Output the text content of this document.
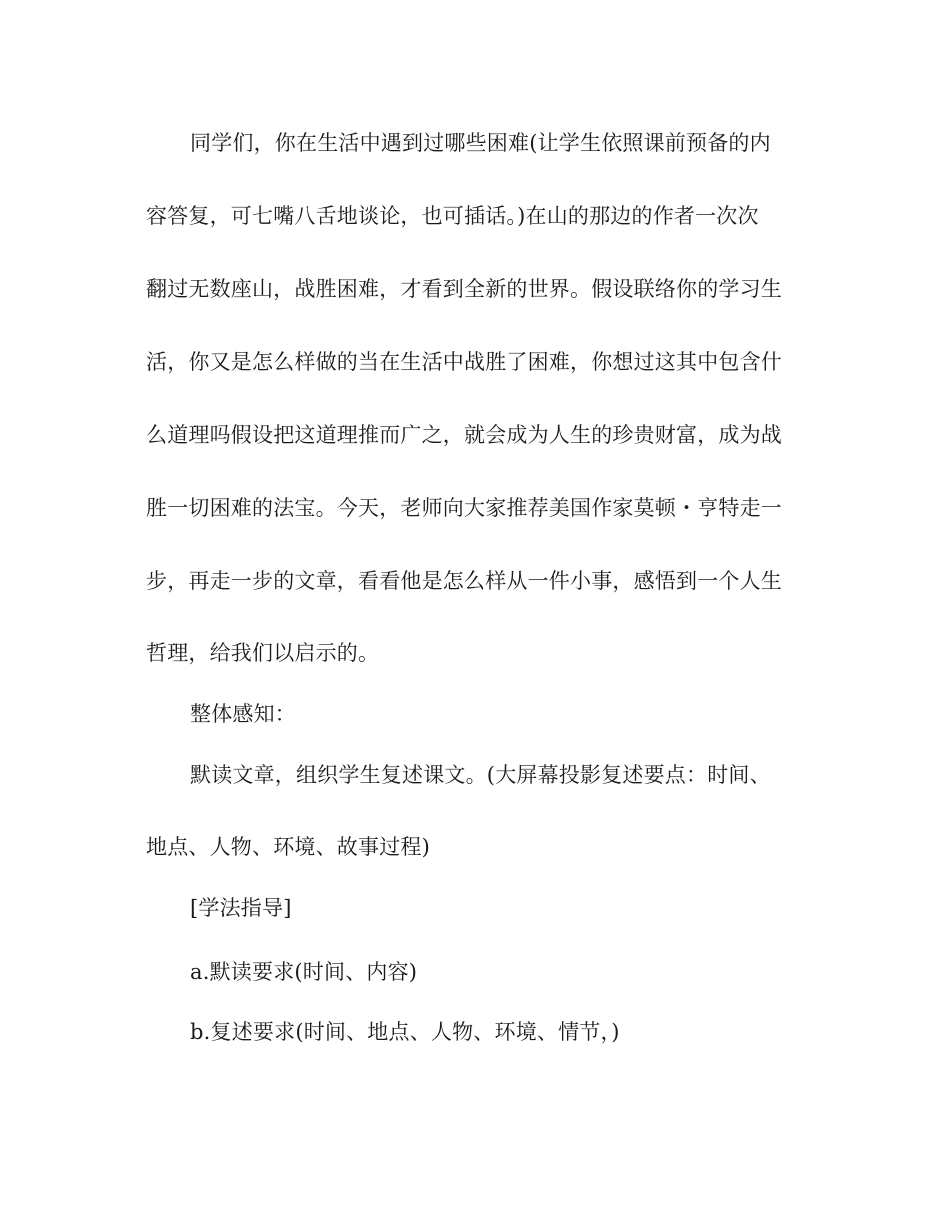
同学们，你在生活中遇到过哪些困难(让学生依照课前预备的内
容答复，可七嘴八舌地谈论，也可插话。)在山的那边的作者一次次
翻过无数座山，战胜困难，才看到全新的世界。假设联络你的学习生
活，你又是怎么样做的当在生活中战胜了困难，你想过这其中包含什
么道理吗假设把这道理推而广之，就会成为人生的珍贵财富，成为战
胜一切困难的法宝。今天，老师向大家推荐美国作家莫顿・亨特走一
步，再走一步的文章，看看他是怎么样从一件小事，感悟到一个人生
哲理，给我们以启示的。
整体感知：
默读文章，组织学生复述课文。(大屏幕投影复述要点：时间、
地点、人物、环境、故事过程)
[学法指导]
a.默读要求(时间、内容)
b.复述要求(时间、地点、人物、环境、情节，)
